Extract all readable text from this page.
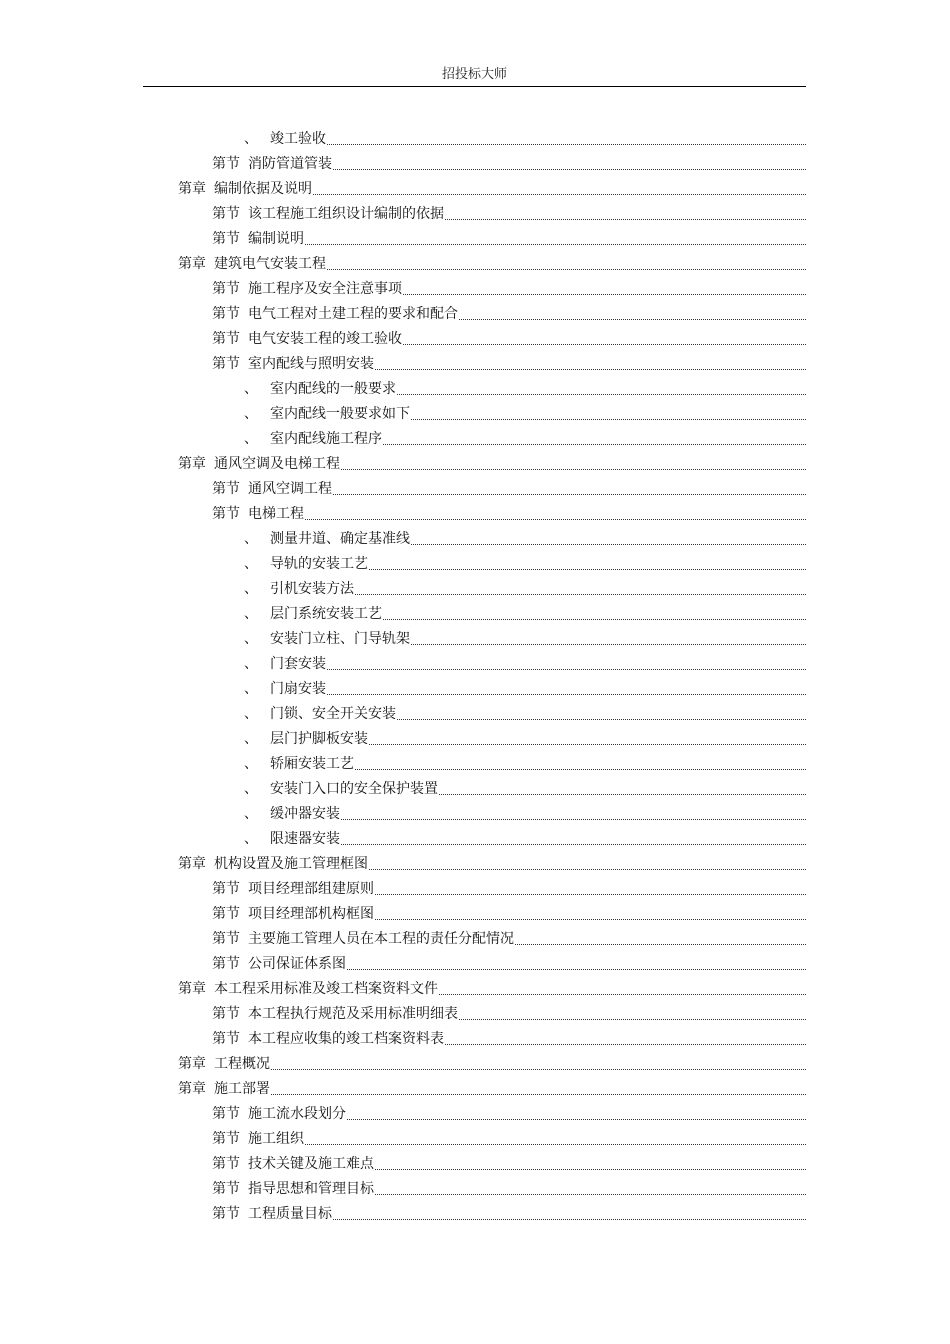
招投标大师
、 竣工验收
第节 消防管道管装
第章 编制依据及说明
第节 该工程施工组织设计编制的依据
第节 编制说明
第章 建筑电气安装工程
第节 施工程序及安全注意事项
第节 电气工程对土建工程的要求和配合
第节 电气安装工程的竣工验收
第节 室内配线与照明安装
、 室内配线的一般要求
、 室内配线一般要求如下
、 室内配线施工程序
第章 通风空调及电梯工程
第节 通风空调工程
第节 电梯工程
、 测量井道、确定基准线
、 导轨的安装工艺
、 引机安装方法
、 层门系统安装工艺
、 安装门立柱、门导轨架
、 门套安装
、 门扇安装
、 门锁、安全开关安装
、 层门护脚板安装
、 轿厢安装工艺
、 安装门入口的安全保护装置
、 缓冲器安装
、 限速器安装
第章 机构设置及施工管理框图
第节 项目经理部组建原则
第节 项目经理部机构框图
第节 主要施工管理人员在本工程的责任分配情况
第节 公司保证体系图
第章 本工程采用标准及竣工档案资料文件
第节 本工程执行规范及采用标准明细表
第节 本工程应收集的竣工档案资料表
第章 工程概况
第章 施工部署
第节 施工流水段划分
第节 施工组织
第节 技术关键及施工难点
第节 指导思想和管理目标
第节 工程质量目标
